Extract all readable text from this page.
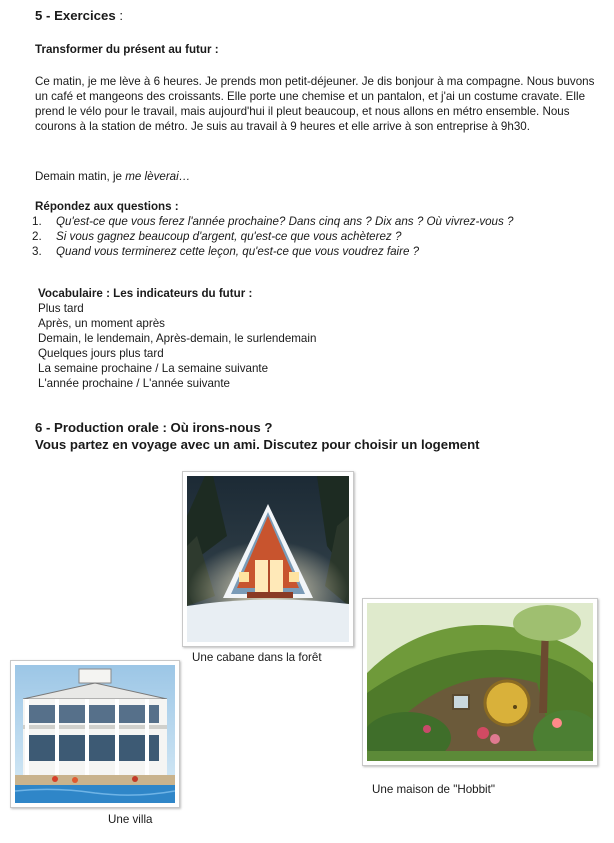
5 - Exercices :
Transformer du présent au futur :
Ce matin, je me lève à 6 heures. Je prends mon petit-déjeuner. Je dis bonjour à ma compagne. Nous buvons un café et mangeons des croissants. Elle porte une chemise et un pantalon, et j'ai un costume cravate. Elle prend le vélo pour le travail, mais aujourd'hui il pleut beaucoup, et nous allons en métro ensemble. Nous courons à la station de métro. Je suis au travail à 9 heures et elle arrive à son entreprise à 9h30.
Demain matin, je me lèverai…
Répondez aux questions :
1. Qu'est-ce que vous ferez l'année prochaine? Dans cinq ans ? Dix ans ? Où vivrez-vous ?
2. Si vous gagnez beaucoup d'argent, qu'est-ce que vous achèterez ?
3. Quand vous terminerez cette leçon, qu'est-ce que vous voudrez faire ?
Vocabulaire : Les indicateurs du futur :
Plus tard
Après, un moment après
Demain, le lendemain, Après-demain, le surlendemain
Quelques jours plus tard
La semaine prochaine / La semaine suivante
L'année prochaine / L'année suivante
6 - Production orale : Où irons-nous ?
Vous partez en voyage avec un ami. Discutez pour choisir un logement
Une cabane dans la forêt
Une maison de "Hobbit"
Une villa
